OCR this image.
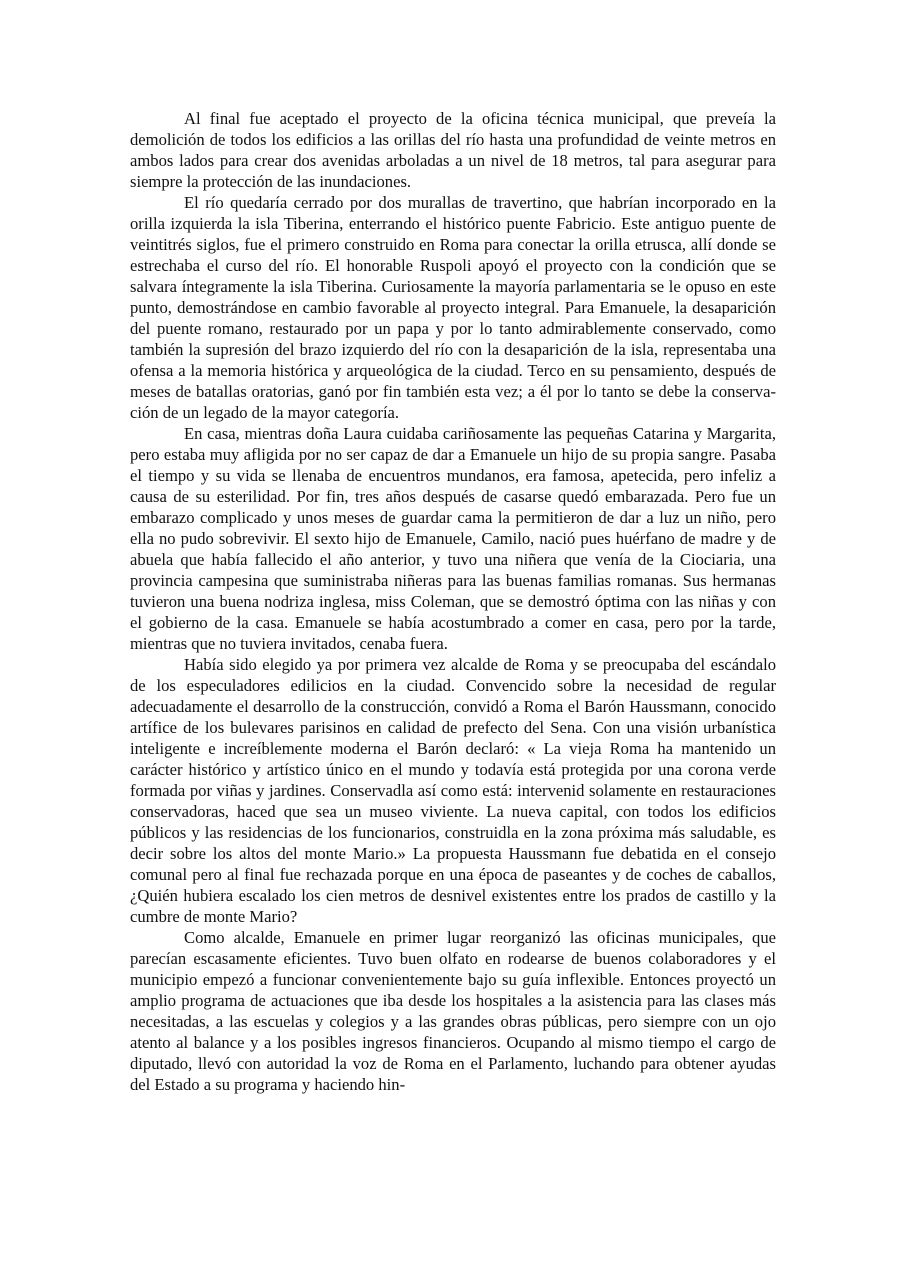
Al final fue aceptado el proyecto de la oficina técnica municipal, que preveía la demolición de todos los edificios a las orillas del río hasta una profundidad de veinte metros en ambos lados para crear dos avenidas arboladas a un nivel de 18 metros, tal para asegurar para siempre la protección de las inundaciones.

El río quedaría cerrado por dos murallas de travertino, que habrían incorporado en la orilla izquierda la isla Tiberina, enterrando el histórico puente Fabricio. Este antiguo puente de veintitrés siglos, fue el primero construido en Roma para conectar la orilla etrusca, allí donde se estrechaba el curso del río. El honorable Ruspoli apoyó el proyecto con la condición que se salvara íntegramente la isla Tiberina. Curiosamente la mayoría parlamentaria se le opuso en este punto, demostrándose en cambio favorable al proyecto integral. Para Emanuele, la desaparición del puente romano, restaurado por un papa y por lo tanto admirablemente conservado, como también la supresión del brazo izquierdo del río con la desaparición de la isla, representaba una ofensa a la memoria histórica y arqueológica de la ciudad. Terco en su pensamiento, después de meses de batallas oratorias, ganó por fin también esta vez; a él por lo tanto se debe la conservación de un legado de la mayor categoría.

En casa, mientras doña Laura cuidaba cariñosamente las pequeñas Catarina y Margarita, pero estaba muy afligida por no ser capaz de dar a Emanuele un hijo de su propia sangre. Pasaba el tiempo y su vida se llenaba de encuentros mundanos, era famosa, apetecida, pero infeliz a causa de su esterilidad. Por fin, tres años después de casarse quedó embarazada. Pero fue un embarazo complicado y unos meses de guardar cama la permitieron de dar a luz un niño, pero ella no pudo sobrevivir. El sexto hijo de Emanuele, Camilo, nació pues huérfano de madre y de abuela que había fallecido el año anterior, y tuvo una niñera que venía de la Ciociaria, una provincia campesina que suministraba niñeras para las buenas familias romanas. Sus hermanas tuvieron una buena nodriza inglesa, miss Coleman, que se demostró óptima con las niñas y con el gobierno de la casa. Emanuele se había acostumbrado a comer en casa, pero por la tarde, mientras que no tuviera invitados, cenaba fuera.

Había sido elegido ya por primera vez alcalde de Roma y se preocupaba del escándalo de los especuladores edilicios en la ciudad. Convencido sobre la necesidad de regular adecuadamente el desarrollo de la construcción, convidó a Roma el Barón Haussmann, conocido artífice de los bulevares parisinos en calidad de prefecto del Sena. Con una visión urbanística inteligente e increíblemente moderna el Barón declaró: « La vieja Roma ha mantenido un carácter histórico y artístico único en el mundo y todavía está protegida por una corona verde formada por viñas y jardines. Conservadla así como está: intervenid solamente en restauraciones conservadoras, haced que sea un museo viviente. La nueva capital, con todos los edificios públicos y las residencias de los funcionarios, construidla en la zona próxima más saludable, es decir sobre los altos del monte Mario.» La propuesta Haussmann fue debatida en el consejo comunal pero al final fue rechazada porque en una época de paseantes y de coches de caballos, ¿Quién hubiera escalado los cien metros de desnivel existentes entre los prados de castillo y la cumbre de monte Mario?

Como alcalde, Emanuele en primer lugar reorganizó las oficinas municipales, que parecían escasamente eficientes. Tuvo buen olfato en rodearse de buenos colaboradores y el municipio empezó a funcionar convenientemente bajo su guía inflexible. Entonces proyectó un amplio programa de actuaciones que iba desde los hospitales a la asistencia para las clases más necesitadas, a las escuelas y colegios y a las grandes obras públicas, pero siempre con un ojo atento al balance y a los posibles ingresos financieros. Ocupando al mismo tiempo el cargo de diputado, llevó con autoridad la voz de Roma en el Parlamento, luchando para obtener ayudas del Estado a su programa y haciendo hin-
